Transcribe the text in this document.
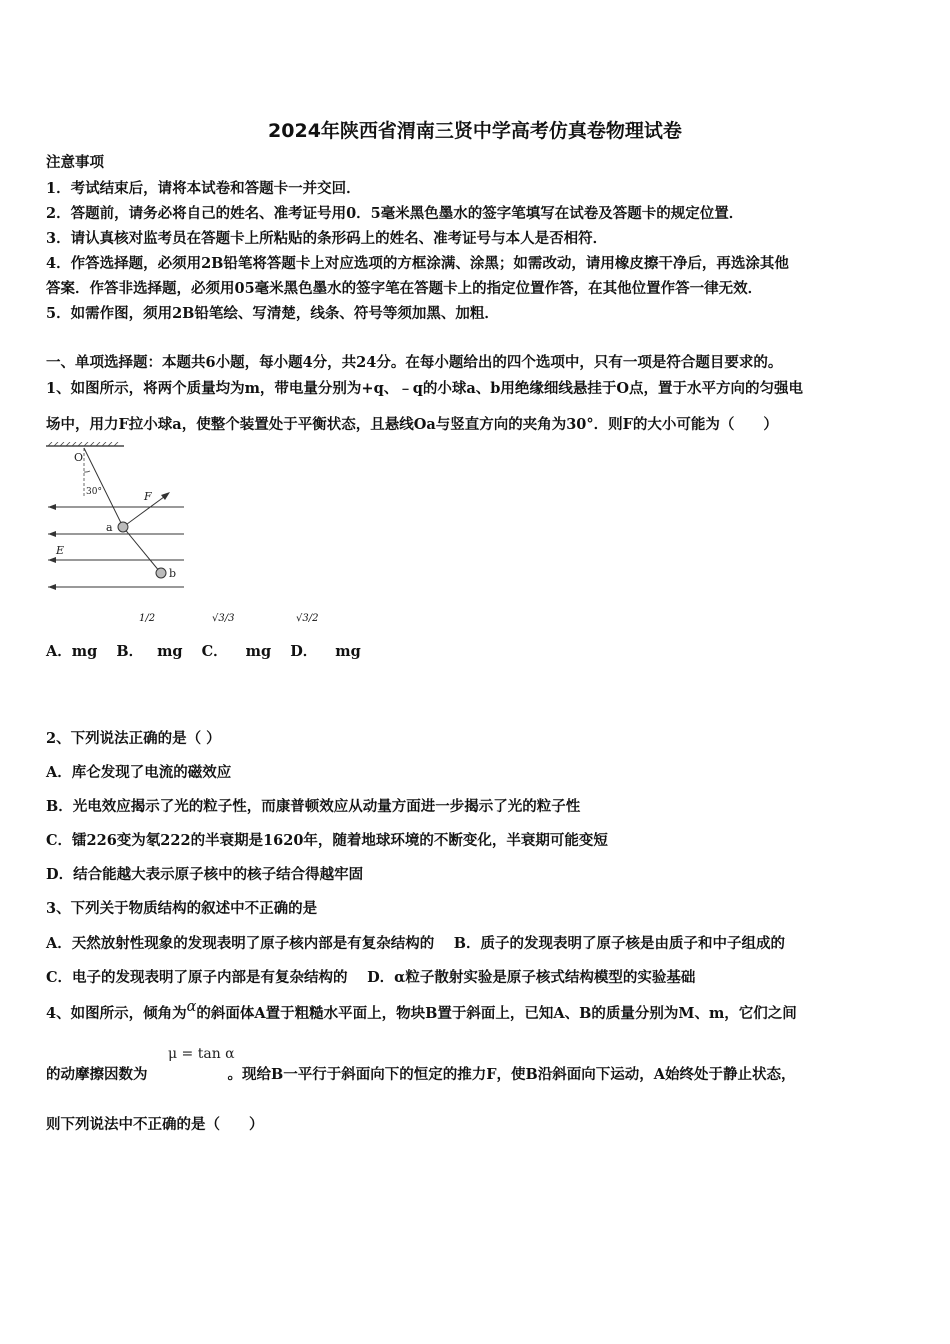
2024年陕西省渭南三贤中学高考仿真卷物理试卷
注意事项
1．考试结束后，请将本试卷和答题卡一并交回．
2．答题前，请务必将自己的姓名、准考证号用0．5毫米黑色墨水的签字笔填写在试卷及答题卡的规定位置．
3．请认真核对监考员在答题卡上所粘贴的条形码上的姓名、准考证号与本人是否相符．
4．作答选择题，必须用2B铅笔将答题卡上对应选项的方框涂满、涂黑；如需改动，请用橡皮擦干净后，再选涂其他
答案．作答非选择题，必须用05毫米黑色墨水的签字笔在答题卡上的指定位置作答，在其他位置作答一律无效．
5．如需作图，须用2B铅笔绘、写清楚，线条、符号等须加黑、加粗．
一、单项选择题：本题共6小题，每小题4分，共24分。在每小题给出的四个选项中，只有一项是符合题目要求的。
1、如图所示，将两个质量均为m，带电量分别为+q、﹣q的小球a、b用绝缘细线悬挂于O点，置于水平方向的匀强电
场中，用力F拉小球a，使整个装置处于平衡状态，且悬线Oa与竖直方向的夹角为30°．则F的大小可能为（　　）
O
30°	F
E
a
b
A．mg B． mg C． mg D． mg
1/2	√3/3	√3/2
2、下列说法正确的是（ ）
A．库仑发现了电流的磁效应
B．光电效应揭示了光的粒子性，而康普顿效应从动量方面进一步揭示了光的粒子性
C．镭226变为氡222的半衰期是1620年，随着地球环境的不断变化，半衰期可能变短
D．结合能越大表示原子核中的核子结合得越牢固
3、下列关于物质结构的叙述中不正确的是
A．天然放射性现象的发现表明了原子核内部是有复杂结构的　 B．质子的发现表明了原子核是由质子和中子组成的
C．电子的发现表明了原子内部是有复杂结构的　 D．α粒子散射实验是原子核式结构模型的实验基础
4、如图所示，倾角为α的斜面体A置于粗糙水平面上，物块B置于斜面上，已知A、B的质量分别为M、m，它们之间
的动摩擦因数为	。现给B一平行于斜面向下的恒定的推力F，使B沿斜面向下运动，A始终处于静止状态，
μ = tan α
则下列说法中不正确的是（　　）
